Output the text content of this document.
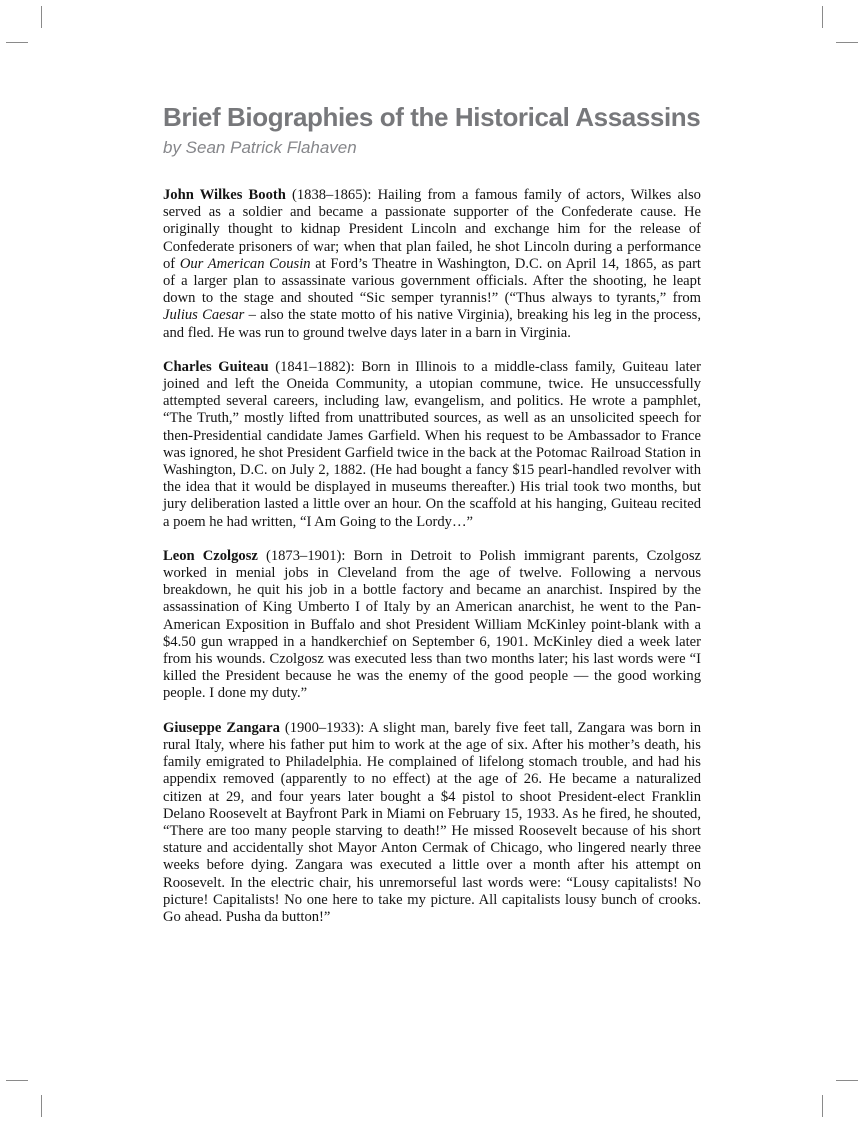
Brief Biographies of the Historical Assassins
by Sean Patrick Flahaven

John Wilkes Booth (1838–1865): Hailing from a famous family of actors, Wilkes also served as a soldier and became a passionate supporter of the Confederate cause. He originally thought to kidnap President Lincoln and exchange him for the release of Confederate prisoners of war; when that plan failed, he shot Lincoln during a performance of Our American Cousin at Ford’s Theatre in Washington, D.C. on April 14, 1865, as part of a larger plan to assassinate various government officials. After the shooting, he leapt down to the stage and shouted “Sic semper tyrannis!” (“Thus always to tyrants,” from Julius Caesar – also the state motto of his native Virginia), breaking his leg in the process, and fled. He was run to ground twelve days later in a barn in Virginia.

Charles Guiteau (1841–1882): Born in Illinois to a middle-class family, Guiteau later joined and left the Oneida Community, a utopian commune, twice. He unsuccessfully attempted several careers, including law, evangelism, and politics. He wrote a pamphlet, “The Truth,” mostly lifted from unattributed sources, as well as an unsolicited speech for then-Presidential candidate James Garfield. When his request to be Ambassador to France was ignored, he shot President Garfield twice in the back at the Potomac Railroad Station in Washington, D.C. on July 2, 1882. (He had bought a fancy $15 pearl-handled revolver with the idea that it would be displayed in museums thereafter.) His trial took two months, but jury deliberation lasted a little over an hour. On the scaffold at his hanging, Guiteau recited a poem he had written, “I Am Going to the Lordy…”

Leon Czolgosz (1873–1901): Born in Detroit to Polish immigrant parents, Czolgosz worked in menial jobs in Cleveland from the age of twelve. Following a nervous breakdown, he quit his job in a bottle factory and became an anarchist. Inspired by the assassination of King Umberto I of Italy by an American anarchist, he went to the Pan-American Exposition in Buffalo and shot President William McKinley point-blank with a $4.50 gun wrapped in a handkerchief on September 6, 1901. McKinley died a week later from his wounds. Czolgosz was executed less than two months later; his last words were “I killed the President because he was the enemy of the good people — the good working people. I done my duty.”

Giuseppe Zangara (1900–1933): A slight man, barely five feet tall, Zangara was born in rural Italy, where his father put him to work at the age of six. After his mother’s death, his family emigrated to Philadelphia. He complained of lifelong stomach trouble, and had his appendix removed (apparently to no effect) at the age of 26. He became a naturalized citizen at 29, and four years later bought a $4 pistol to shoot President-elect Franklin Delano Roosevelt at Bayfront Park in Miami on February 15, 1933. As he fired, he shouted, “There are too many people starving to death!” He missed Roosevelt because of his short stature and accidentally shot Mayor Anton Cermak of Chicago, who lingered nearly three weeks before dying. Zangara was executed a little over a month after his attempt on Roosevelt. In the electric chair, his unremorseful last words were: “Lousy capitalists! No picture! Capitalists! No one here to take my picture. All capitalists lousy bunch of crooks. Go ahead. Pusha da button!”
